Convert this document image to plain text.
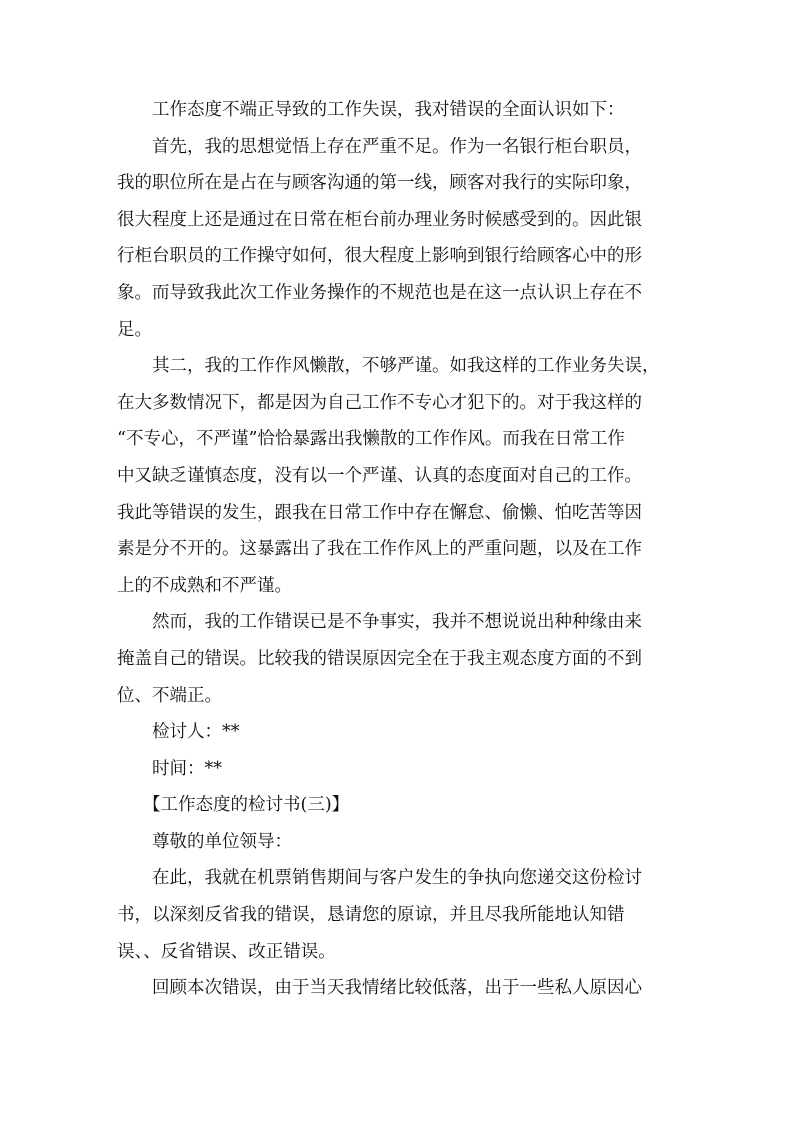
工作态度不端正导致的工作失误，我对错误的全面认识如下：

首先，我的思想觉悟上存在严重不足。作为一名银行柜台职员，
我的职位所在是占在与顾客沟通的第一线，顾客对我行的实际印象，
很大程度上还是通过在日常在柜台前办理业务时候感受到的。因此银
行柜台职员的工作操守如何，很大程度上影响到银行给顾客心中的形
象。而导致我此次工作业务操作的不规范也是在这一点认识上存在不
足。

其二，我的工作作风懒散，不够严谨。如我这样的工作业务失误，
在大多数情况下，都是因为自己工作不专心才犯下的。对于我这样的
“不专心，不严谨”恰恰暴露出我懒散的工作作风。而我在日常工作
中又缺乏谨慎态度，没有以一个严谨、认真的态度面对自己的工作。
我此等错误的发生，跟我在日常工作中存在懈怠、偷懒、怕吃苦等因
素是分不开的。这暴露出了我在工作作风上的严重问题，以及在工作
上的不成熟和不严谨。

然而，我的工作错误已是不争事实，我并不想说说出种种缘由来
掩盖自己的错误。比较我的错误原因完全在于我主观态度方面的不到
位、不端正。

检讨人：**

时间：**

【工作态度的检讨书(三)】

尊敬的单位领导：

在此，我就在机票销售期间与客户发生的争执向您递交这份检讨
书，以深刻反省我的错误，恳请您的原谅，并且尽我所能地认知错
误、、反省错误、改正错误。

回顾本次错误，由于当天我情绪比较低落，出于一些私人原因心
